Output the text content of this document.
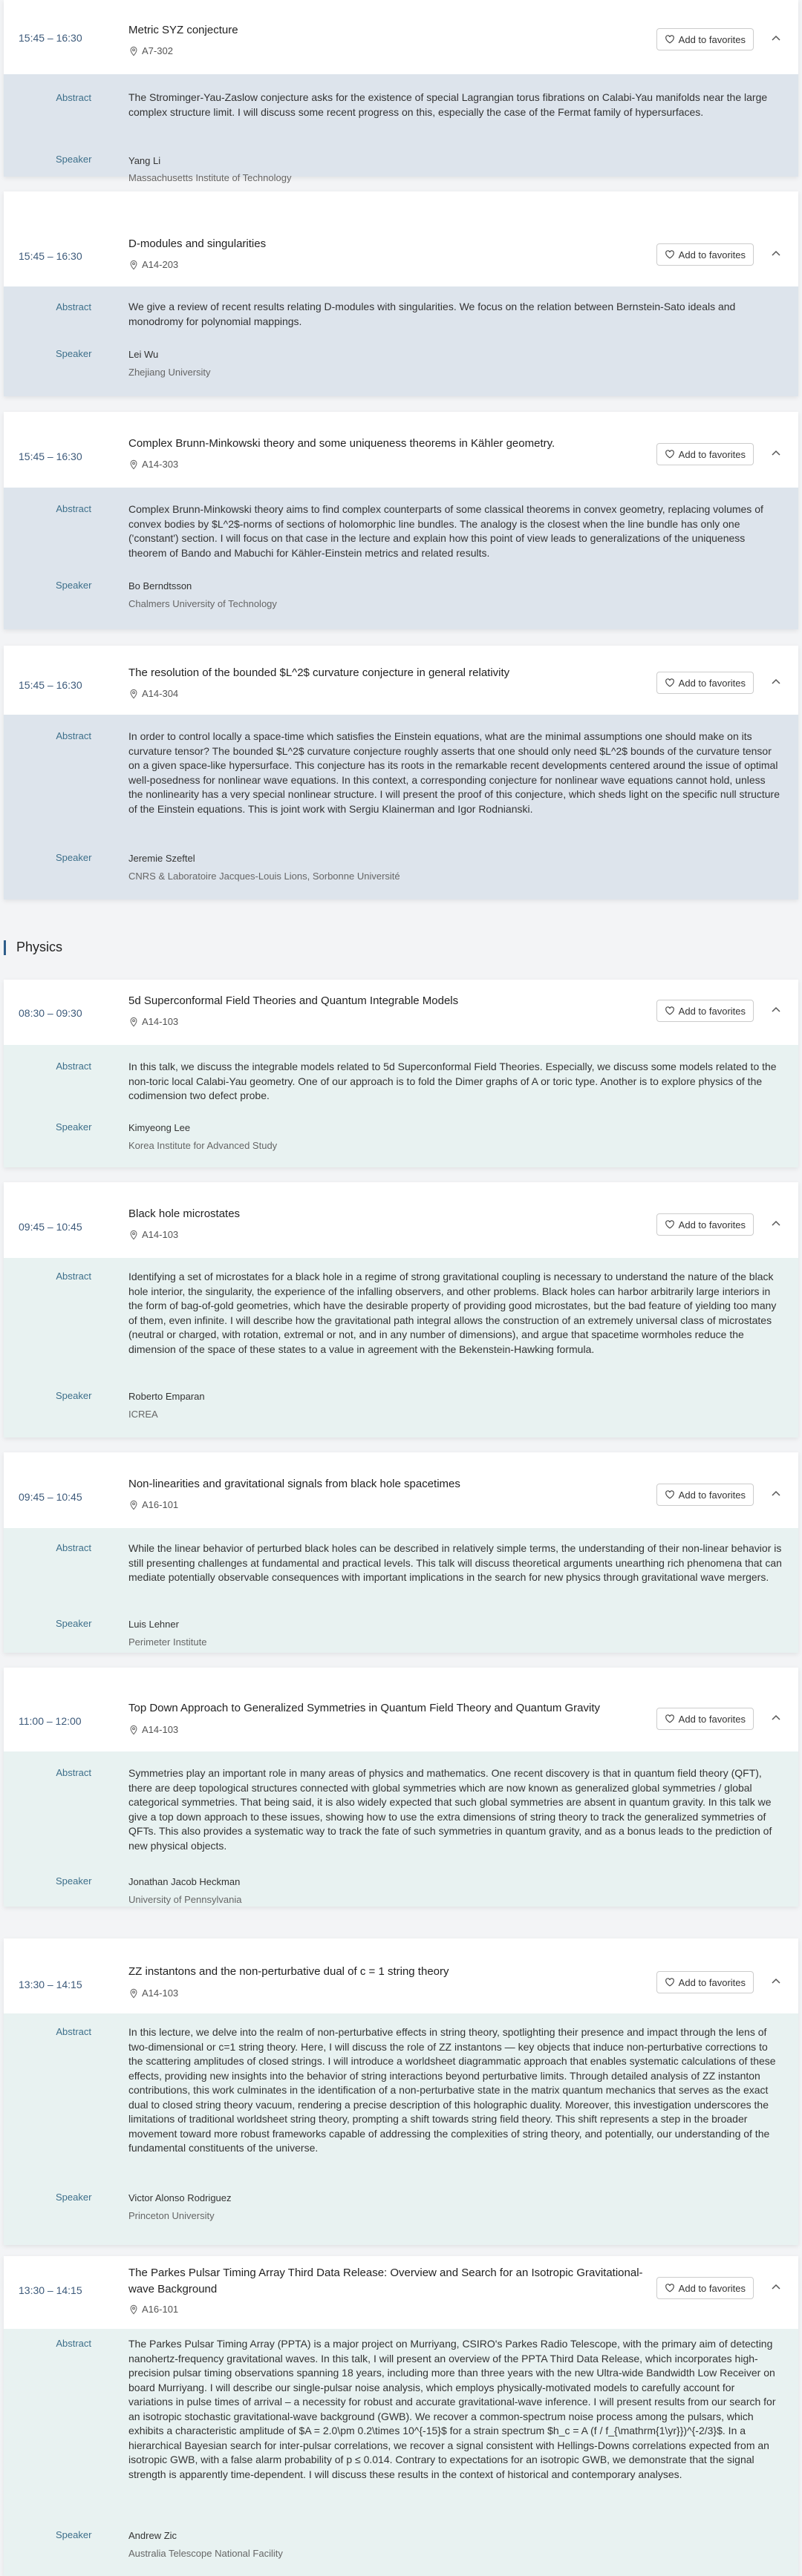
15:45 – 16:30
Metric SYZ conjecture
A7-302
Add to favorites
Abstract	The Strominger-Yau-Zaslow conjecture asks for the existence of special Lagrangian torus fibrations on Calabi-Yau manifolds near the large complex structure limit. I will discuss some recent progress on this, especially the case of the Fermat family of hypersurfaces.
Speaker	Yang Li
Massachusetts Institute of Technology
15:45 – 16:30
D-modules and singularities
A14-203
Add to favorites
Abstract	We give a review of recent results relating D-modules with singularities. We focus on the relation between Bernstein-Sato ideals and monodromy for polynomial mappings.
Speaker	Lei Wu
Zhejiang University
15:45 – 16:30
Complex Brunn-Minkowski theory and some uniqueness theorems in Kähler geometry.
A14-303
Add to favorites
Abstract	Complex Brunn-Minkowski theory aims to find complex counterparts of some classical theorems in convex geometry, replacing volumes of convex bodies by $L^2$-norms of sections of holomorphic line bundles. The analogy is the closest when the line bundle has only one ('constant') section. I will focus on that case in the lecture and explain how this point of view leads to generalizations of the uniqueness theorem of Bando and Mabuchi for Kähler-Einstein metrics and related results.
Speaker	Bo Berndtsson
Chalmers University of Technology
15:45 – 16:30
The resolution of the bounded $L^2$ curvature conjecture in general relativity
A14-304
Add to favorites
Abstract	In order to control locally a space-time which satisfies the Einstein equations, what are the minimal assumptions one should make on its curvature tensor? The bounded $L^2$ curvature conjecture roughly asserts that one should only need $L^2$ bounds of the curvature tensor on a given space-like hypersurface. This conjecture has its roots in the remarkable recent developments centered around the issue of optimal well-posedness for nonlinear wave equations. In this context, a corresponding conjecture for nonlinear wave equations cannot hold, unless the nonlinearity has a very special nonlinear structure. I will present the proof of this conjecture, which sheds light on the specific null structure of the Einstein equations. This is joint work with Sergiu Klainerman and Igor Rodnianski.
Speaker	Jeremie Szeftel
CNRS & Laboratoire Jacques-Louis Lions, Sorbonne Université
Physics
08:30 – 09:30
5d Superconformal Field Theories and Quantum Integrable Models
A14-103
Add to favorites
Abstract	In this talk, we discuss the integrable models related to 5d Superconformal Field Theories. Especially, we discuss some models related to the non-toric local Calabi-Yau geometry. One of our approach is to fold the Dimer graphs of A or toric type. Another is to explore physics of the codimension two defect probe.
Speaker	Kimyeong Lee
Korea Institute for Advanced Study
09:45 – 10:45
Black hole microstates
A14-103
Add to favorites
Abstract	Identifying a set of microstates for a black hole in a regime of strong gravitational coupling is necessary to understand the nature of the black hole interior, the singularity, the experience of the infalling observers, and other problems. Black holes can harbor arbitrarily large interiors in the form of bag-of-gold geometries, which have the desirable property of providing good microstates, but the bad feature of yielding too many of them, even infinite. I will describe how the gravitational path integral allows the construction of an extremely universal class of microstates (neutral or charged, with rotation, extremal or not, and in any number of dimensions), and argue that spacetime wormholes reduce the dimension of the space of these states to a value in agreement with the Bekenstein-Hawking formula.
Speaker	Roberto Emparan
ICREA
09:45 – 10:45
Non-linearities and gravitational signals from black hole spacetimes
A16-101
Add to favorites
Abstract	While the linear behavior of perturbed black holes can be described in relatively simple terms, the understanding of their non-linear behavior is still presenting challenges at fundamental and practical levels. This talk will discuss theoretical arguments unearthing rich phenomena that can mediate potentially observable consequences with important implications in the search for new physics through gravitational wave mergers.
Speaker	Luis Lehner
Perimeter Institute
11:00 – 12:00
Top Down Approach to Generalized Symmetries in Quantum Field Theory and Quantum Gravity
A14-103
Add to favorites
Abstract	Symmetries play an important role in many areas of physics and mathematics. One recent discovery is that in quantum field theory (QFT), there are deep topological structures connected with global symmetries which are now known as generalized global symmetries / global categorical symmetries. That being said, it is also widely expected that such global symmetries are absent in quantum gravity. In this talk we give a top down approach to these issues, showing how to use the extra dimensions of string theory to track the generalized symmetries of QFTs. This also provides a systematic way to track the fate of such symmetries in quantum gravity, and as a bonus leads to the prediction of new physical objects.
Speaker	Jonathan Jacob Heckman
University of Pennsylvania
13:30 – 14:15
ZZ instantons and the non-perturbative dual of c = 1 string theory
A14-103
Add to favorites
Abstract	In this lecture, we delve into the realm of non-perturbative effects in string theory, spotlighting their presence and impact through the lens of two-dimensional or c=1 string theory. Here, I will discuss the role of ZZ instantons — key objects that induce non-perturbative corrections to the scattering amplitudes of closed strings. I will introduce a worldsheet diagrammatic approach that enables systematic calculations of these effects, providing new insights into the behavior of string interactions beyond perturbative limits. Through detailed analysis of ZZ instanton contributions, this work culminates in the identification of a non-perturbative state in the matrix quantum mechanics that serves as the exact dual to closed string theory vacuum, rendering a precise description of this holographic duality. Moreover, this investigation underscores the limitations of traditional worldsheet string theory, prompting a shift towards string field theory. This shift represents a step in the broader movement toward more robust frameworks capable of addressing the complexities of string theory, and potentially, our understanding of the fundamental constituents of the universe.
Speaker	Victor Alonso Rodriguez
Princeton University
13:30 – 14:15
The Parkes Pulsar Timing Array Third Data Release: Overview and Search for an Isotropic Gravitational-wave Background
A16-101
Add to favorites
Abstract	The Parkes Pulsar Timing Array (PPTA) is a major project on Murriyang, CSIRO's Parkes Radio Telescope, with the primary aim of detecting nanohertz-frequency gravitational waves. In this talk, I will present an overview of the PPTA Third Data Release, which incorporates high-precision pulsar timing observations spanning 18 years, including more than three years with the new Ultra-wide Bandwidth Low Receiver on board Murriyang. I will describe our single-pulsar noise analysis, which employs physically-motivated models to carefully account for variations in pulse times of arrival – a necessity for robust and accurate gravitational-wave inference. I will present results from our search for an isotropic stochastic gravitational-wave background (GWB). We recover a common-spectrum noise process among the pulsars, which exhibits a characteristic amplitude of $A = 2.0\pm 0.2\times 10^{-15}$ for a strain spectrum $h_c = A (f / f_{\mathrm{1\yr}})^{-2/3}$. In a hierarchical Bayesian search for inter-pulsar correlations, we recover a signal consistent with Hellings-Downs correlations expected from an isotropic GWB, with a false alarm probability of p ≤ 0.014. Contrary to expectations for an isotropic GWB, we demonstrate that the signal strength is apparently time-dependent. I will discuss these results in the context of historical and contemporary analyses.
Speaker	Andrew Zic
Australia Telescope National Facility
